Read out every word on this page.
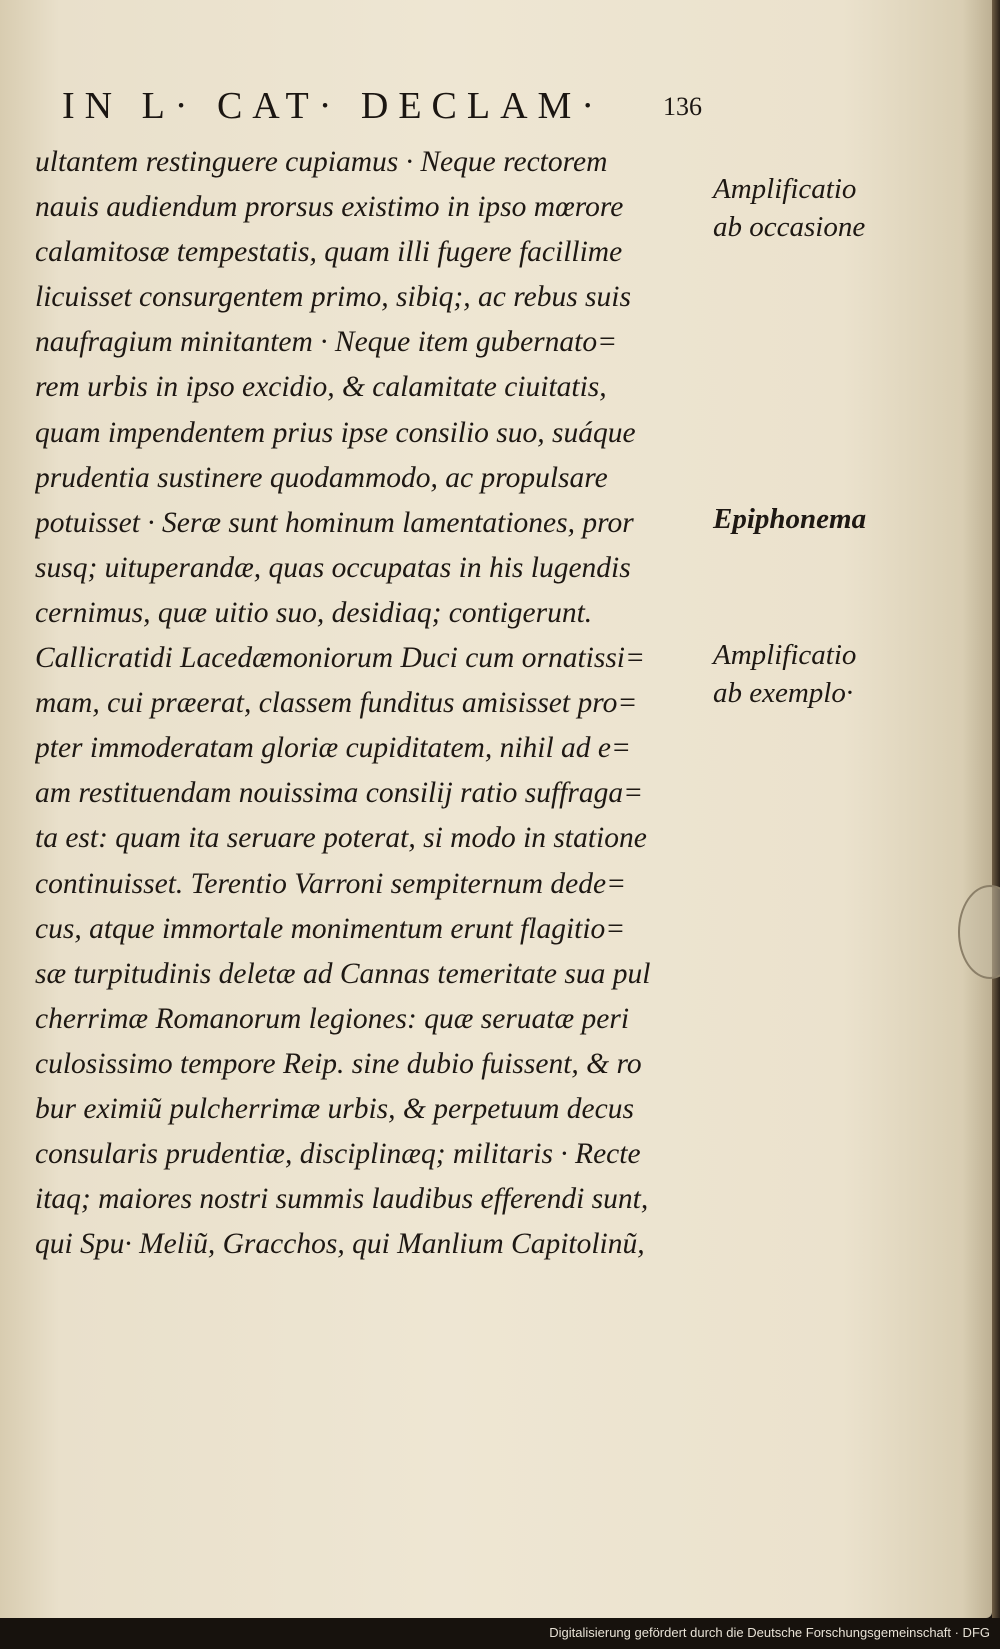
IN L· CAT· DECLAM· 136
ultantem restinguere cupiamus · Neque rectorem
nauis audiendum prorsus existimo in ipso mœrore
calamitosæ tempestatis, quam illi fugere facillime
licuisset consurgentem primo, sibiq;, ac rebus suis
naufragium minitantem · Neque item gubernato=
rem urbis in ipso excidio, & calamitate ciuitatis,
quam impendentem prius ipse consilio suo, suáque
prudentia sustinere quodammodo, ac propulsare
potuisset · Seræ sunt hominum lamentationes, pror
susq; uituperandæ, quas occupatas in his lugendis
cernimus, quæ uitio suo, desidiaq; contigerunt.
Callicratidi Lacedæmoniorum Duci cum ornatissi=
mam, cui præerat, classem funditus amisisset pro=
pter immoderatam gloriæ cupiditatem, nihil ad e=
am restituendam nouissima consilij ratio suffraga=
ta est: quam ita seruare poterat, si modo in statione
continuisset. Terentio Varroni sempiternum dede=
cus, atque immortale monimentum erunt flagitio=
sæ turpitudinis deletæ ad Cannas temeritate sua pul
cherrimæ Romanorum legiones: quæ seruatæ peri
culosissimo tempore Reip. sine dubio fuissent, & ro
bur eximiũ pulcherrimæ urbis, & perpetuum decus
consularis prudentiæ, disciplinæq; militaris · Recte
itaq; maiores nostri summis laudibus efferendi sunt,
qui Spu· Meliũ, Gracchos, qui Manlium Capitolinũ,
Amplificatio
ab occasione
Epiphonema
Amplificatio
ab exemplo·
Digitalisierung gefördert durch die Deutsche Forschungsgemeinschaft · DFG
